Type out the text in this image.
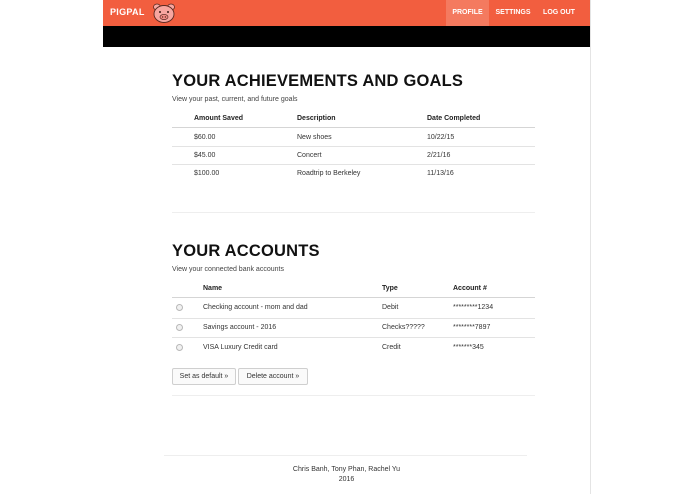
PIGPAL	PROFILE	SETTINGS	LOG OUT
YOUR ACHIEVEMENTS AND GOALS
View your past, current, and future goals
Amount Saved	Description	Date Completed
$60.00	New shoes	10/22/15
$45.00	Concert	2/21/16
$100.00	Roadtrip to Berkeley	11/13/16
YOUR ACCOUNTS
View your connected bank accounts
Name	Type	Account #
Checking account - mom and dad	Debit	*********1234
Savings account - 2016	Checks?????	********7897
VISA Luxury Credit card	Credit	*******345
Set as default »	Delete account »
Chris Banh, Tony Phan, Rachel Yu
2016
